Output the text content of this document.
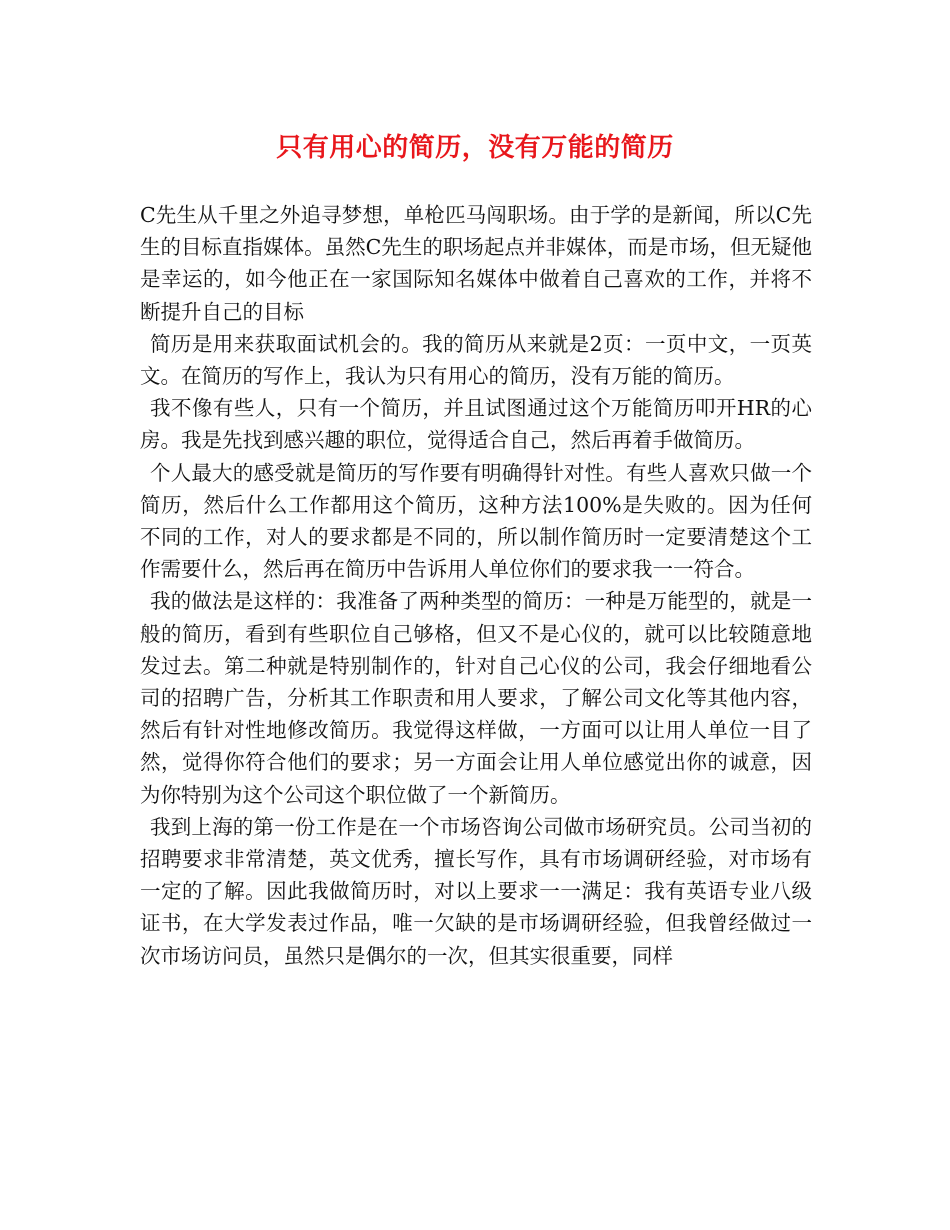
只有用心的简历，没有万能的简历

C先生从千里之外追寻梦想，单枪匹马闯职场。由于学的是新闻，所以C先生的目标直指媒体。虽然C先生的职场起点并非媒体，而是市场，但无疑他是幸运的，如今他正在一家国际知名媒体中做着自己喜欢的工作，并将不断提升自己的目标

简历是用来获取面试机会的。我的简历从来就是2页：一页中文，一页英文。在简历的写作上，我认为只有用心的简历，没有万能的简历。

我不像有些人，只有一个简历，并且试图通过这个万能简历叩开HR的心房。我是先找到感兴趣的职位，觉得适合自己，然后再着手做简历。

个人最大的感受就是简历的写作要有明确得针对性。有些人喜欢只做一个简历，然后什么工作都用这个简历，这种方法100%是失败的。因为任何不同的工作，对人的要求都是不同的，所以制作简历时一定要清楚这个工作需要什么，然后再在简历中告诉用人单位你们的要求我一一符合。

我的做法是这样的：我准备了两种类型的简历：一种是万能型的，就是一般的简历，看到有些职位自己够格，但又不是心仪的，就可以比较随意地发过去。第二种就是特别制作的，针对自己心仪的公司，我会仔细地看公司的招聘广告，分析其工作职责和用人要求，了解公司文化等其他内容，然后有针对性地修改简历。我觉得这样做，一方面可以让用人单位一目了然，觉得你符合他们的要求；另一方面会让用人单位感觉出你的诚意，因为你特别为这个公司这个职位做了一个新简历。

我到上海的第一份工作是在一个市场咨询公司做市场研究员。公司当初的招聘要求非常清楚，英文优秀，擅长写作，具有市场调研经验，对市场有一定的了解。因此我做简历时，对以上要求一一满足：我有英语专业八级证书，在大学发表过作品，唯一欠缺的是市场调研经验，但我曾经做过一次市场访问员，虽然只是偶尔的一次，但其实很重要，同样
